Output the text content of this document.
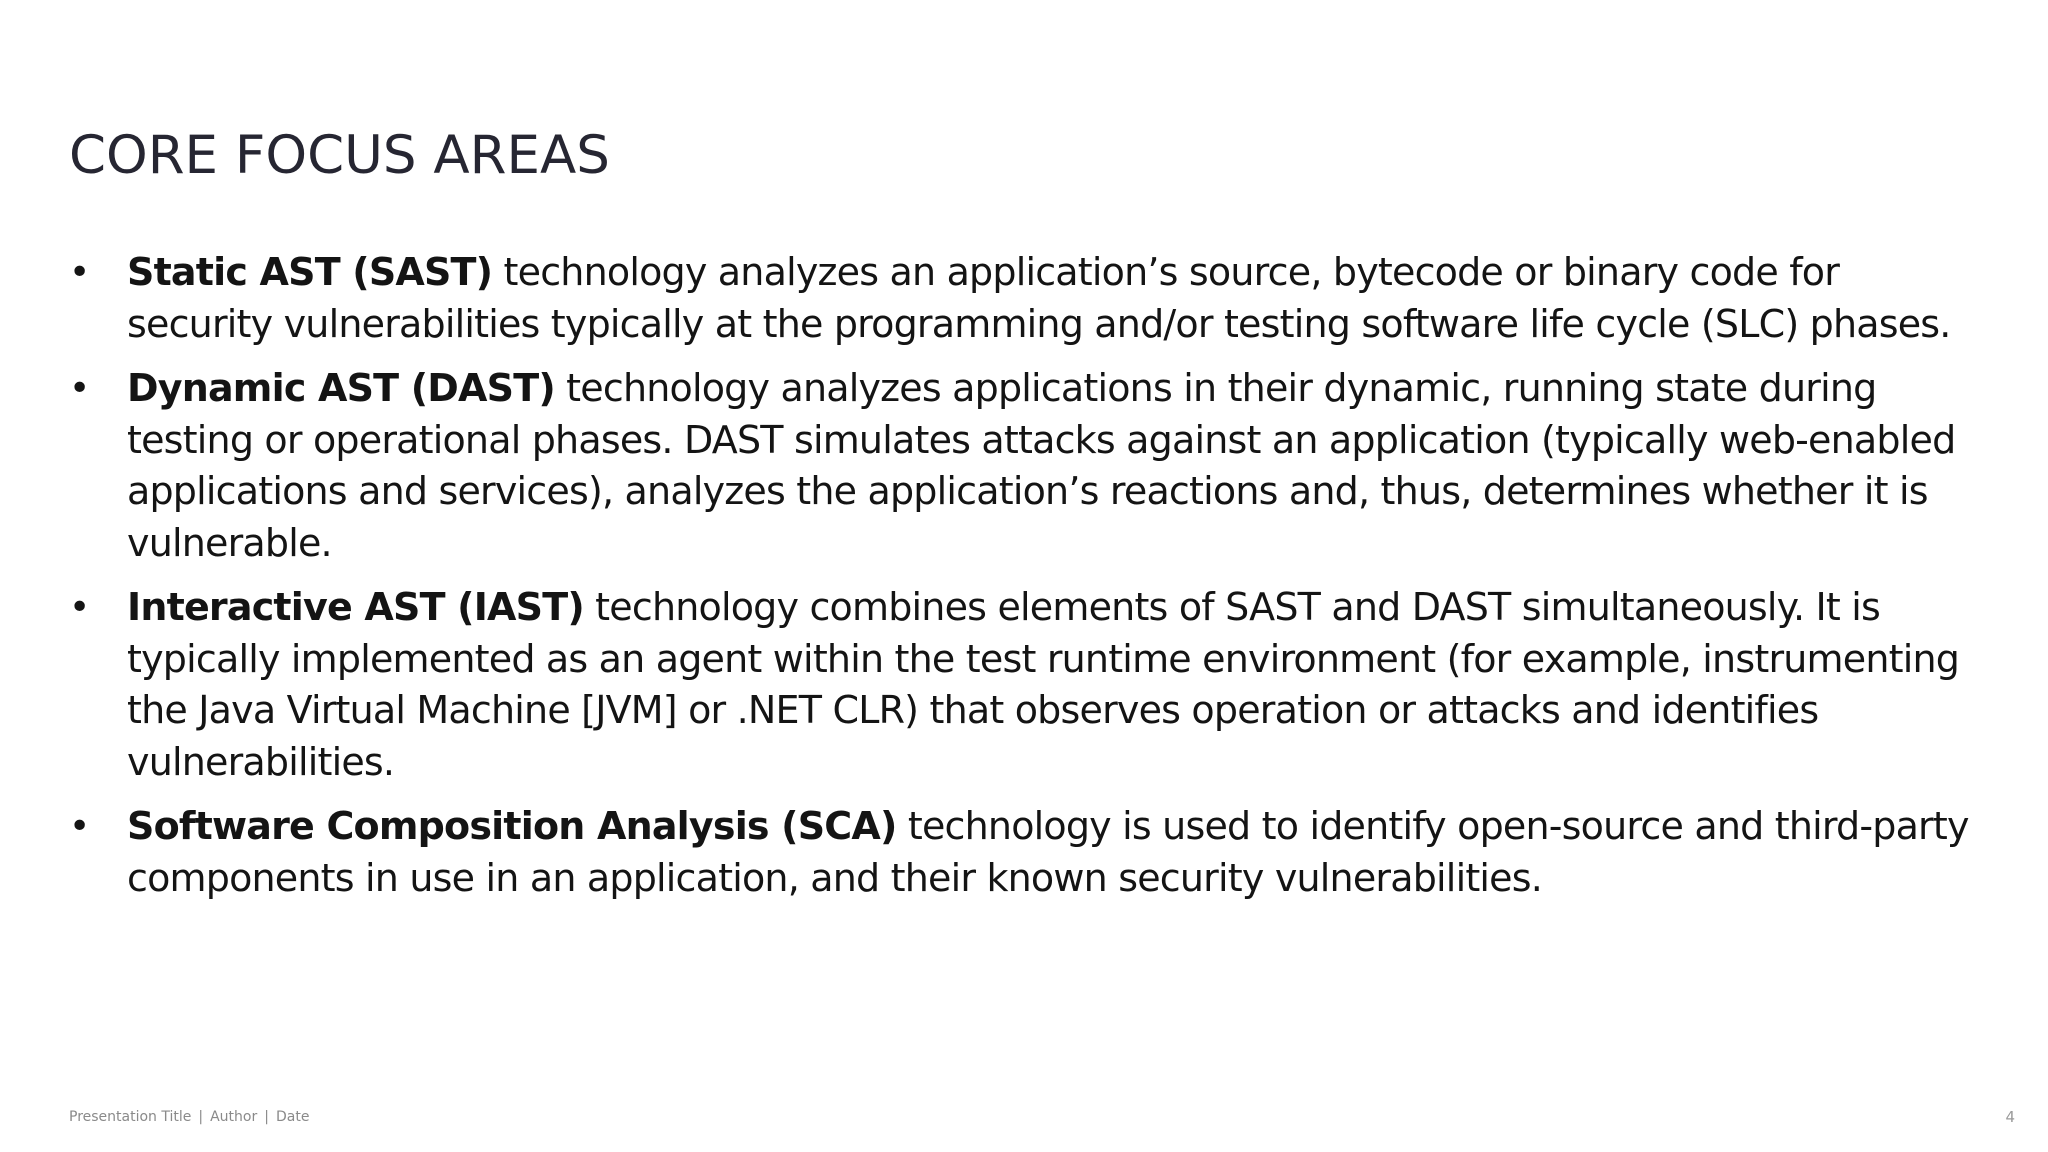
CORE FOCUS AREAS
• Static AST (SAST) technology analyzes an application’s source, bytecode or binary code for security vulnerabilities typically at the programming and/or testing software life cycle (SLC) phases.
• Dynamic AST (DAST) technology analyzes applications in their dynamic, running state during testing or operational phases. DAST simulates attacks against an application (typically web-enabled applications and services), analyzes the application’s reactions and, thus, determines whether it is vulnerable.
• Interactive AST (IAST) technology combines elements of SAST and DAST simultaneously. It is typically implemented as an agent within the test runtime environment (for example, instrumenting the Java Virtual Machine [JVM] or .NET CLR) that observes operation or attacks and identifies vulnerabilities.
• Software Composition Analysis (SCA) technology is used to identify open-source and third-party components in use in an application, and their known security vulnerabilities.
Presentation Title | Author | Date	4
